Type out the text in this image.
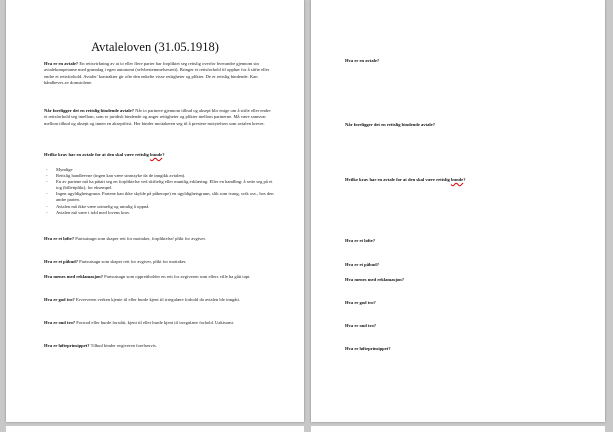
Avtaleloven (31.05.1918)
Hva er en avtale? En rettsvirkning av at to eller flere parter har forpliktet seg rettslig overfor hverandre gjennom sin avtalekompetanse med grunnlag i egen autonomi (selvbestemmelsesrett). Bringer et rettsforhold til opphør for å stifte eller endre et rettsforhold. Avtaler' kontrakter gir ofte den enkelte visse rettigheter og plikter. De er rettslig bindende. Kan håndheves av domstolene.
Når foreligger det en rettslig bindende avtale? Når to partnere gjennom tilbud og aksept blir enige om å stifte eller endre et rettsforhold seg imellom, som er juridisk bindende og anger rettigheter og plikter mellom partnerne. Må være samsvar mellom tilbud og aksept og innen en akseptfrist. Her binder mottakeren seg til å prestere motytelsen som avtalen krever.
Hvilke krav har en avtale for at den skal være rettslig bunde?
- Myndige
- Rettslig handleevne (ingen kan være sinnssyke da de inngikk avtalen).
- En av partene må ha påtatt seg en forpliktelse ved skiftelig eller muntlig erklæring. Eller en handling: å sette seg på et tog (billettplikt), for eksempel.
- Ingen ugyldighetsgrunn. Partene kan ikke skylde på påberope) en ugyldighetsgrunn, slik som tvang, svik osv., hos den andre parten.
- Avtalen må ikke være urimelig og umulig å oppnå.
- Avtalen må være i tråd med lovens krav.
Hva er et løfte? Partsutsagn som skaper rett for mottaker, forpliktelse/ plikt for avgiver.
Hva er et påbud? Partsutsagn som skaper rett for avgiver, plikt for mottaker.
Hva menes med reklamasjon? Partsutsagn som opprettholder en rett for avgiveren som ellers ville ha gått tapt.
Hva er god tro? Erververen verken kjente til eller burde kjent til irregulære forhold da avtalen ble inngått.
Hva er ond tro? Forstod eller burde forstått, kjent til eller burde kjent til irregulære forhold. Uaktsomt.
Hva er løfteprinsippet? Tilbud binder avgiveren forelsesvis.
Hva er en avtale?
Når foreligger det en rettslig bindende avtale?
Hvilke krav har en avtale for at den skal være rettslig bunde?
Hva er et løfte?
Hva er et påbud?
Hva menes med reklamasjon?
Hva er god tro?
Hva er ond tro?
Hva er løfteprinsippet?
